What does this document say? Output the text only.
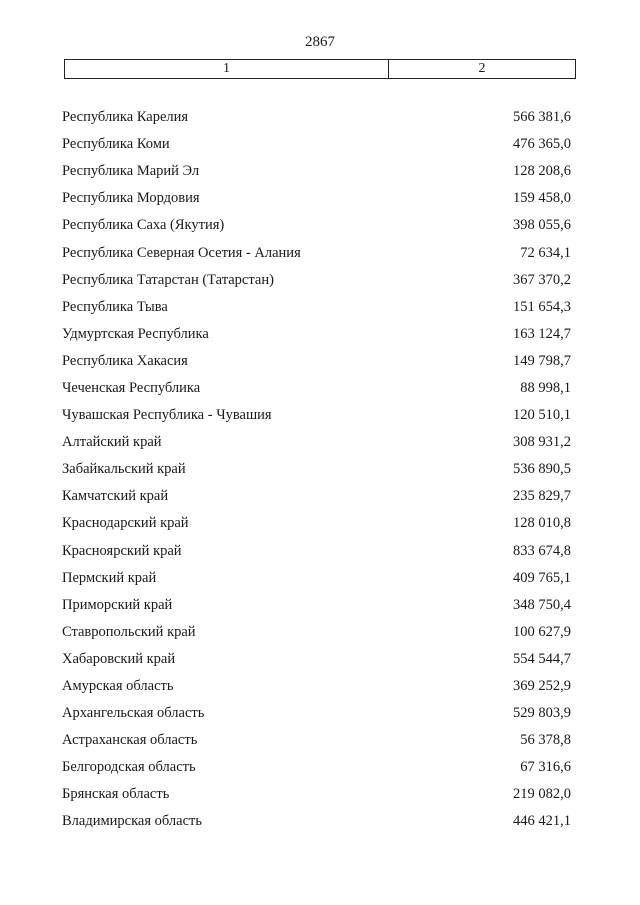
2867
1	2
Республика Карелия	566 381,6
Республика Коми	476 365,0
Республика Марий Эл	128 208,6
Республика Мордовия	159 458,0
Республика Саха (Якутия)	398 055,6
Республика Северная Осетия - Алания	72 634,1
Республика Татарстан (Татарстан)	367 370,2
Республика Тыва	151 654,3
Удмуртская Республика	163 124,7
Республика Хакасия	149 798,7
Чеченская Республика	88 998,1
Чувашская Республика - Чувашия	120 510,1
Алтайский край	308 931,2
Забайкальский край	536 890,5
Камчатский край	235 829,7
Краснодарский край	128 010,8
Красноярский край	833 674,8
Пермский край	409 765,1
Приморский край	348 750,4
Ставропольский край	100 627,9
Хабаровский край	554 544,7
Амурская область	369 252,9
Архангельская область	529 803,9
Астраханская область	56 378,8
Белгородская область	67 316,6
Брянская область	219 082,0
Владимирская область	446 421,1
